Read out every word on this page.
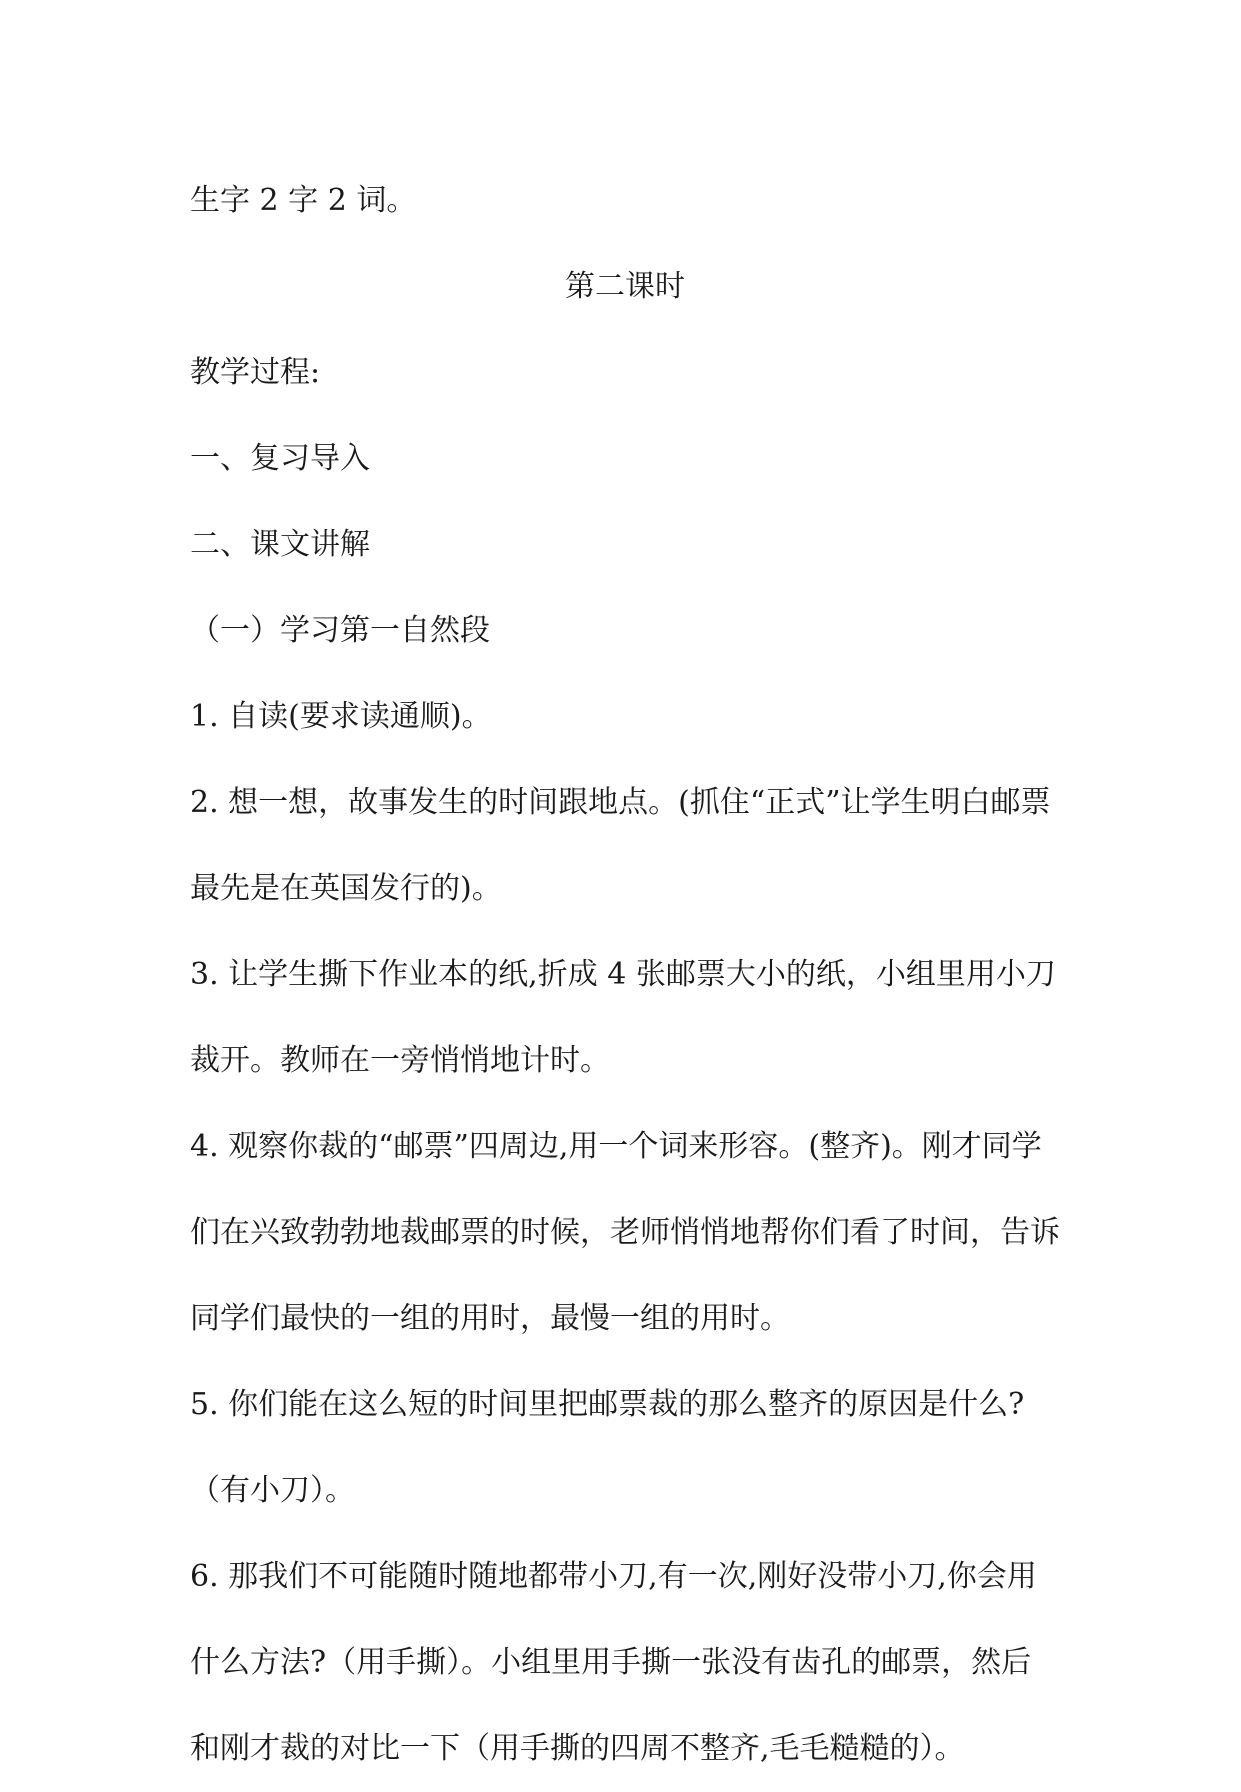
生字 2 字 2 词。

第二课时

教学过程:

一、复习导入

二、课文讲解

（一）学习第一自然段

1. 自读(要求读通顺)。

2. 想一想，故事发生的时间跟地点。(抓住“正式”让学生明白邮票最先是在英国发行的)。

3. 让学生撕下作业本的纸,折成 4 张邮票大小的纸，小组里用小刀裁开。教师在一旁悄悄地计时。

4. 观察你裁的“邮票”四周边,用一个词来形容。(整齐)。刚才同学们在兴致勃勃地裁邮票的时候，老师悄悄地帮你们看了时间，告诉同学们最快的一组的用时，最慢一组的用时。

5. 你们能在这么短的时间里把邮票裁的那么整齐的原因是什么?（有小刀）。

6. 那我们不可能随时随地都带小刀,有一次,刚好没带小刀,你会用什么方法?（用手撕）。小组里用手撕一张没有齿孔的邮票，然后和刚才裁的对比一下（用手撕的四周不整齐,毛毛糙糙的）。
